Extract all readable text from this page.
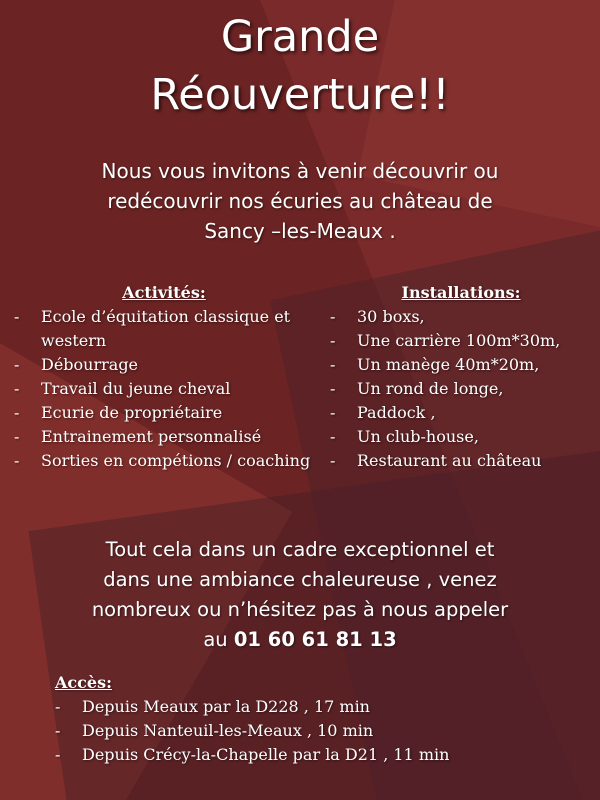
Grande
Réouverture!!
Nous vous invitons à venir découvrir ou
redécouvrir nos écuries au château de
Sancy –les-Meaux .
Activités:
- Ecole d’équitation classique et western
- Débourrage
- Travail du jeune cheval
- Ecurie de propriétaire
- Entrainement personnalisé
- Sorties en compétions / coaching
Installations:
- 30 boxs,
- Une carrière 100m*30m,
- Un manège 40m*20m,
- Un rond de longe,
- Paddock ,
- Un club-house,
- Restaurant au château
Tout cela dans un cadre exceptionnel et
dans une ambiance chaleureuse , venez
nombreux ou n’hésitez pas à nous appeler
au 01 60 61 81 13
Accès:
- Depuis Meaux par la D228 , 17 min
- Depuis Nanteuil-les-Meaux , 10 min
- Depuis Crécy-la-Chapelle par la D21 , 11 min
